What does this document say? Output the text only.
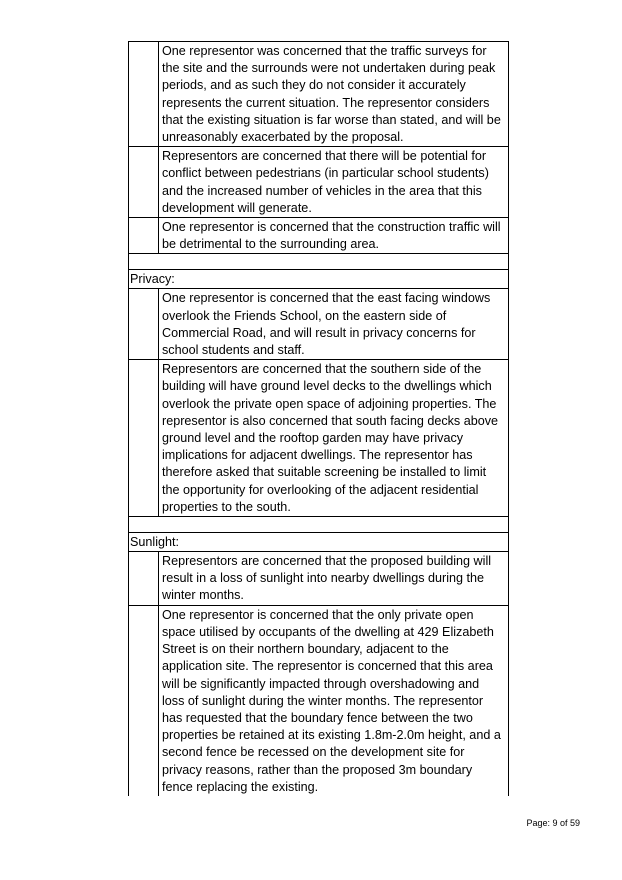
One representor was concerned that the traffic surveys for the site and the surrounds were not undertaken during peak periods, and as such they do not consider it accurately represents the current situation. The representor considers that the existing situation is far worse than stated, and will be unreasonably exacerbated by the proposal.
Representors are concerned that there will be potential for conflict between pedestrians (in particular school students) and the increased number of vehicles in the area that this development will generate.
One representor is concerned that the construction traffic will be detrimental to the surrounding area.
Privacy:
One representor is concerned that the east facing windows overlook the Friends School, on the eastern side of Commercial Road, and will result in privacy concerns for school students and staff.
Representors are concerned that the southern side of the building will have ground level decks to the dwellings which overlook the private open space of adjoining properties. The representor is also concerned that south facing decks above ground level and the rooftop garden may have privacy implications for adjacent dwellings. The representor has therefore asked that suitable screening be installed to limit the opportunity for overlooking of the adjacent residential properties to the south.
Sunlight:
Representors are concerned that the proposed building will result in a loss of sunlight into nearby dwellings during the winter months.
One representor is concerned that the only private open space utilised by occupants of the dwelling at 429 Elizabeth Street is on their northern boundary, adjacent to the application site. The representor is concerned that this area will be significantly impacted through overshadowing and loss of sunlight during the winter months. The representor has requested that the boundary fence between the two properties be retained at its existing 1.8m-2.0m height, and a second fence be recessed on the development site for privacy reasons, rather than the proposed 3m boundary fence replacing the existing.
Page: 9 of 59
